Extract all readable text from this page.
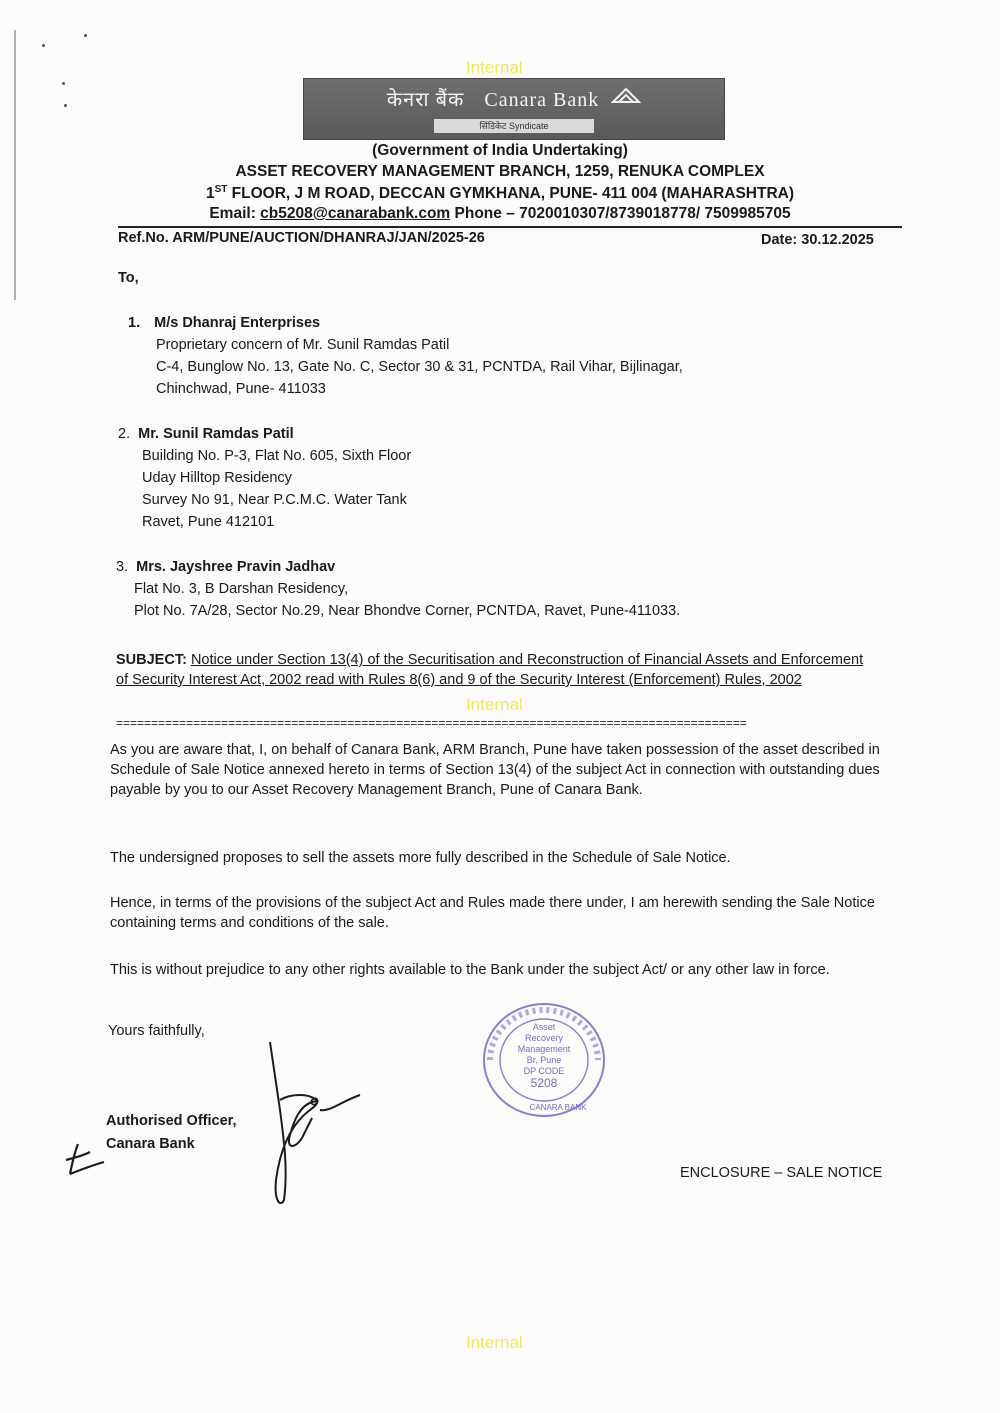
Internal
Internal
Internal
केनरा बैंक Canara Bank
सिंडिकेट Syndicate
(Government of India Undertaking)
ASSET RECOVERY MANAGEMENT BRANCH, 1259, RENUKA COMPLEX
1ST FLOOR, J M ROAD, DECCAN GYMKHANA, PUNE- 411 004 (MAHARASHTRA)
Email: cb5208@canarabank.com Phone – 7020010307/8739018778/ 7509985705
Ref.No. ARM/PUNE/AUCTION/DHANRAJ/JAN/2025-26	Date: 30.12.2025
To,
1. M/s Dhanraj Enterprises
Proprietary concern of Mr. Sunil Ramdas Patil
C-4, Bunglow No. 13, Gate No. C, Sector 30 & 31, PCNTDA, Rail Vihar, Bijlinagar,
Chinchwad, Pune- 411033
2. Mr. Sunil Ramdas Patil
Building No. P-3, Flat No. 605, Sixth Floor
Uday Hilltop Residency
Survey No 91, Near P.C.M.C. Water Tank
Ravet, Pune 412101
3. Mrs. Jayshree Pravin Jadhav
Flat No. 3, B Darshan Residency,
Plot No. 7A/28, Sector No.29, Near Bhondve Corner, PCNTDA, Ravet, Pune-411033.
SUBJECT: Notice under Section 13(4) of the Securitisation and Reconstruction of Financial Assets and Enforcement of Security Interest Act, 2002 read with Rules 8(6) and 9 of the Security Interest (Enforcement) Rules, 2002
==========================================================================================
As you are aware that, I, on behalf of Canara Bank, ARM Branch, Pune have taken possession of the asset described in Schedule of Sale Notice annexed hereto in terms of Section 13(4) of the subject Act in connection with outstanding dues payable by you to our Asset Recovery Management Branch, Pune of Canara Bank.
The undersigned proposes to sell the assets more fully described in the Schedule of Sale Notice.
Hence, in terms of the provisions of the subject Act and Rules made there under, I am herewith sending the Sale Notice containing terms and conditions of the sale.
This is without prejudice to any other rights available to the Bank under the subject Act/ or any other law in force.
Yours faithfully,
Authorised Officer,
Canara Bank
Asset
Recovery
Management
Br, Pune
DP CODE
5208
CANARA BANK
ENCLOSURE – SALE NOTICE
